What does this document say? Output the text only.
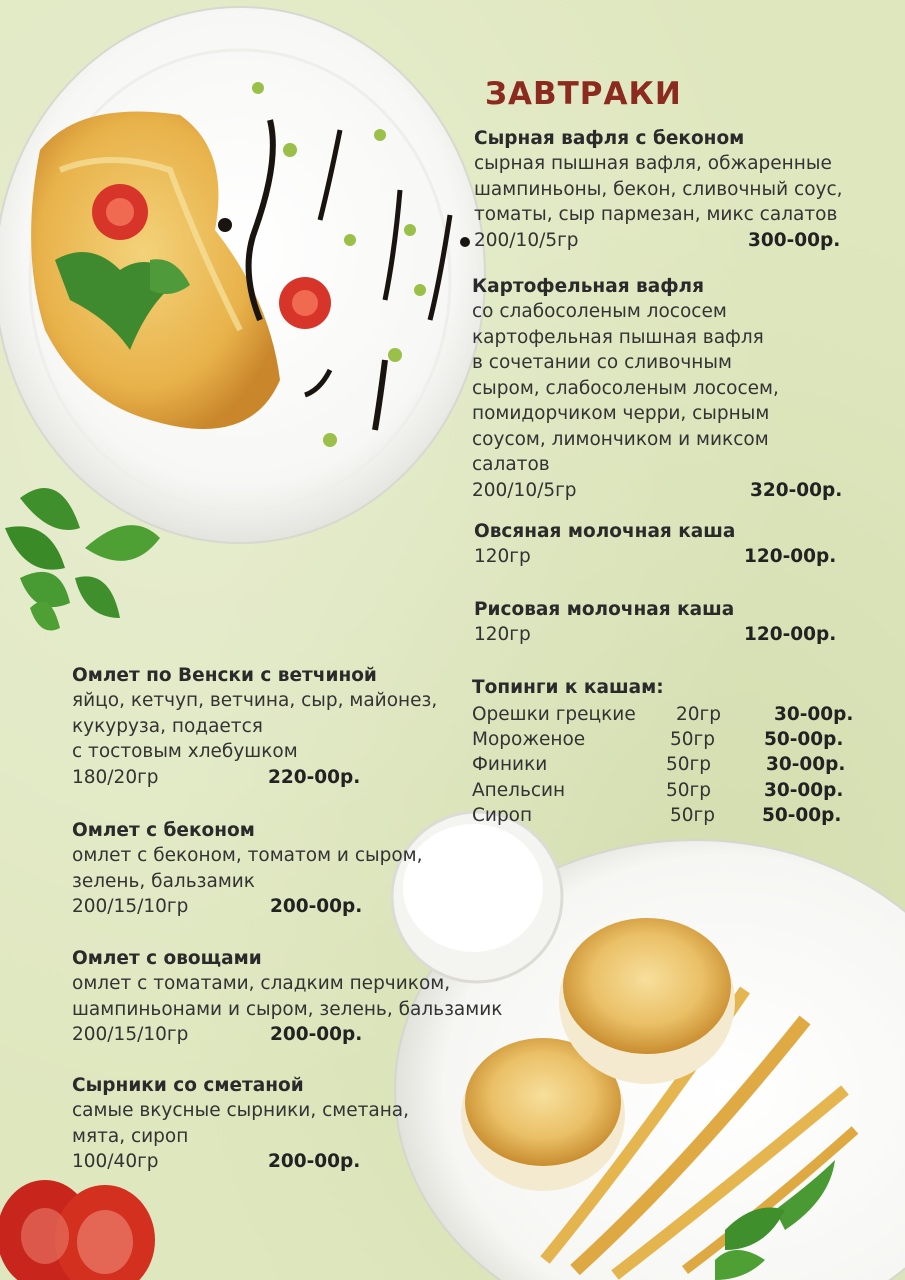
ЗАВТРАКИ
Сырная вафля с беконом
сырная пышная вафля, обжаренные
шампиньоны, бекон, сливочный соус,
томаты, сыр пармезан, микс салатов
200/10/5гр	300-00р.
Картофельная вафля
со слабосоленым лососем
картофельная пышная вафля
в сочетании со сливочным
сыром, слабосоленым лососем,
помидорчиком черри, сырным
соусом, лимончиком и миксом
салатов
200/10/5гр	320-00р.
Овсяная молочная каша
120гр	120-00р.
Рисовая молочная каша
120гр	120-00р.
Топинги к кашам:
Орешки грецкие 20гр	30-00р.
Мороженое	50гр	50-00р.
Финики	50гр	30-00р.
Апельсин	50гр	30-00р.
Сироп	50гр	50-00р.
Омлет по Венски с ветчиной
яйцо, кетчуп, ветчина, сыр, майонез,
кукуруза, подается
с тостовым хлебушком
180/20гр	220-00р.
Омлет с беконом
омлет с беконом, томатом и сыром,
зелень, бальзамик
200/15/10гр	200-00р.
Омлет с овощами
омлет с томатами, сладким перчиком,
шампиньонами и сыром, зелень, бальзамик
200/15/10гр	200-00р.
Сырники со сметаной
самые вкусные сырники, сметана,
мята, сироп
100/40гр	200-00р.
